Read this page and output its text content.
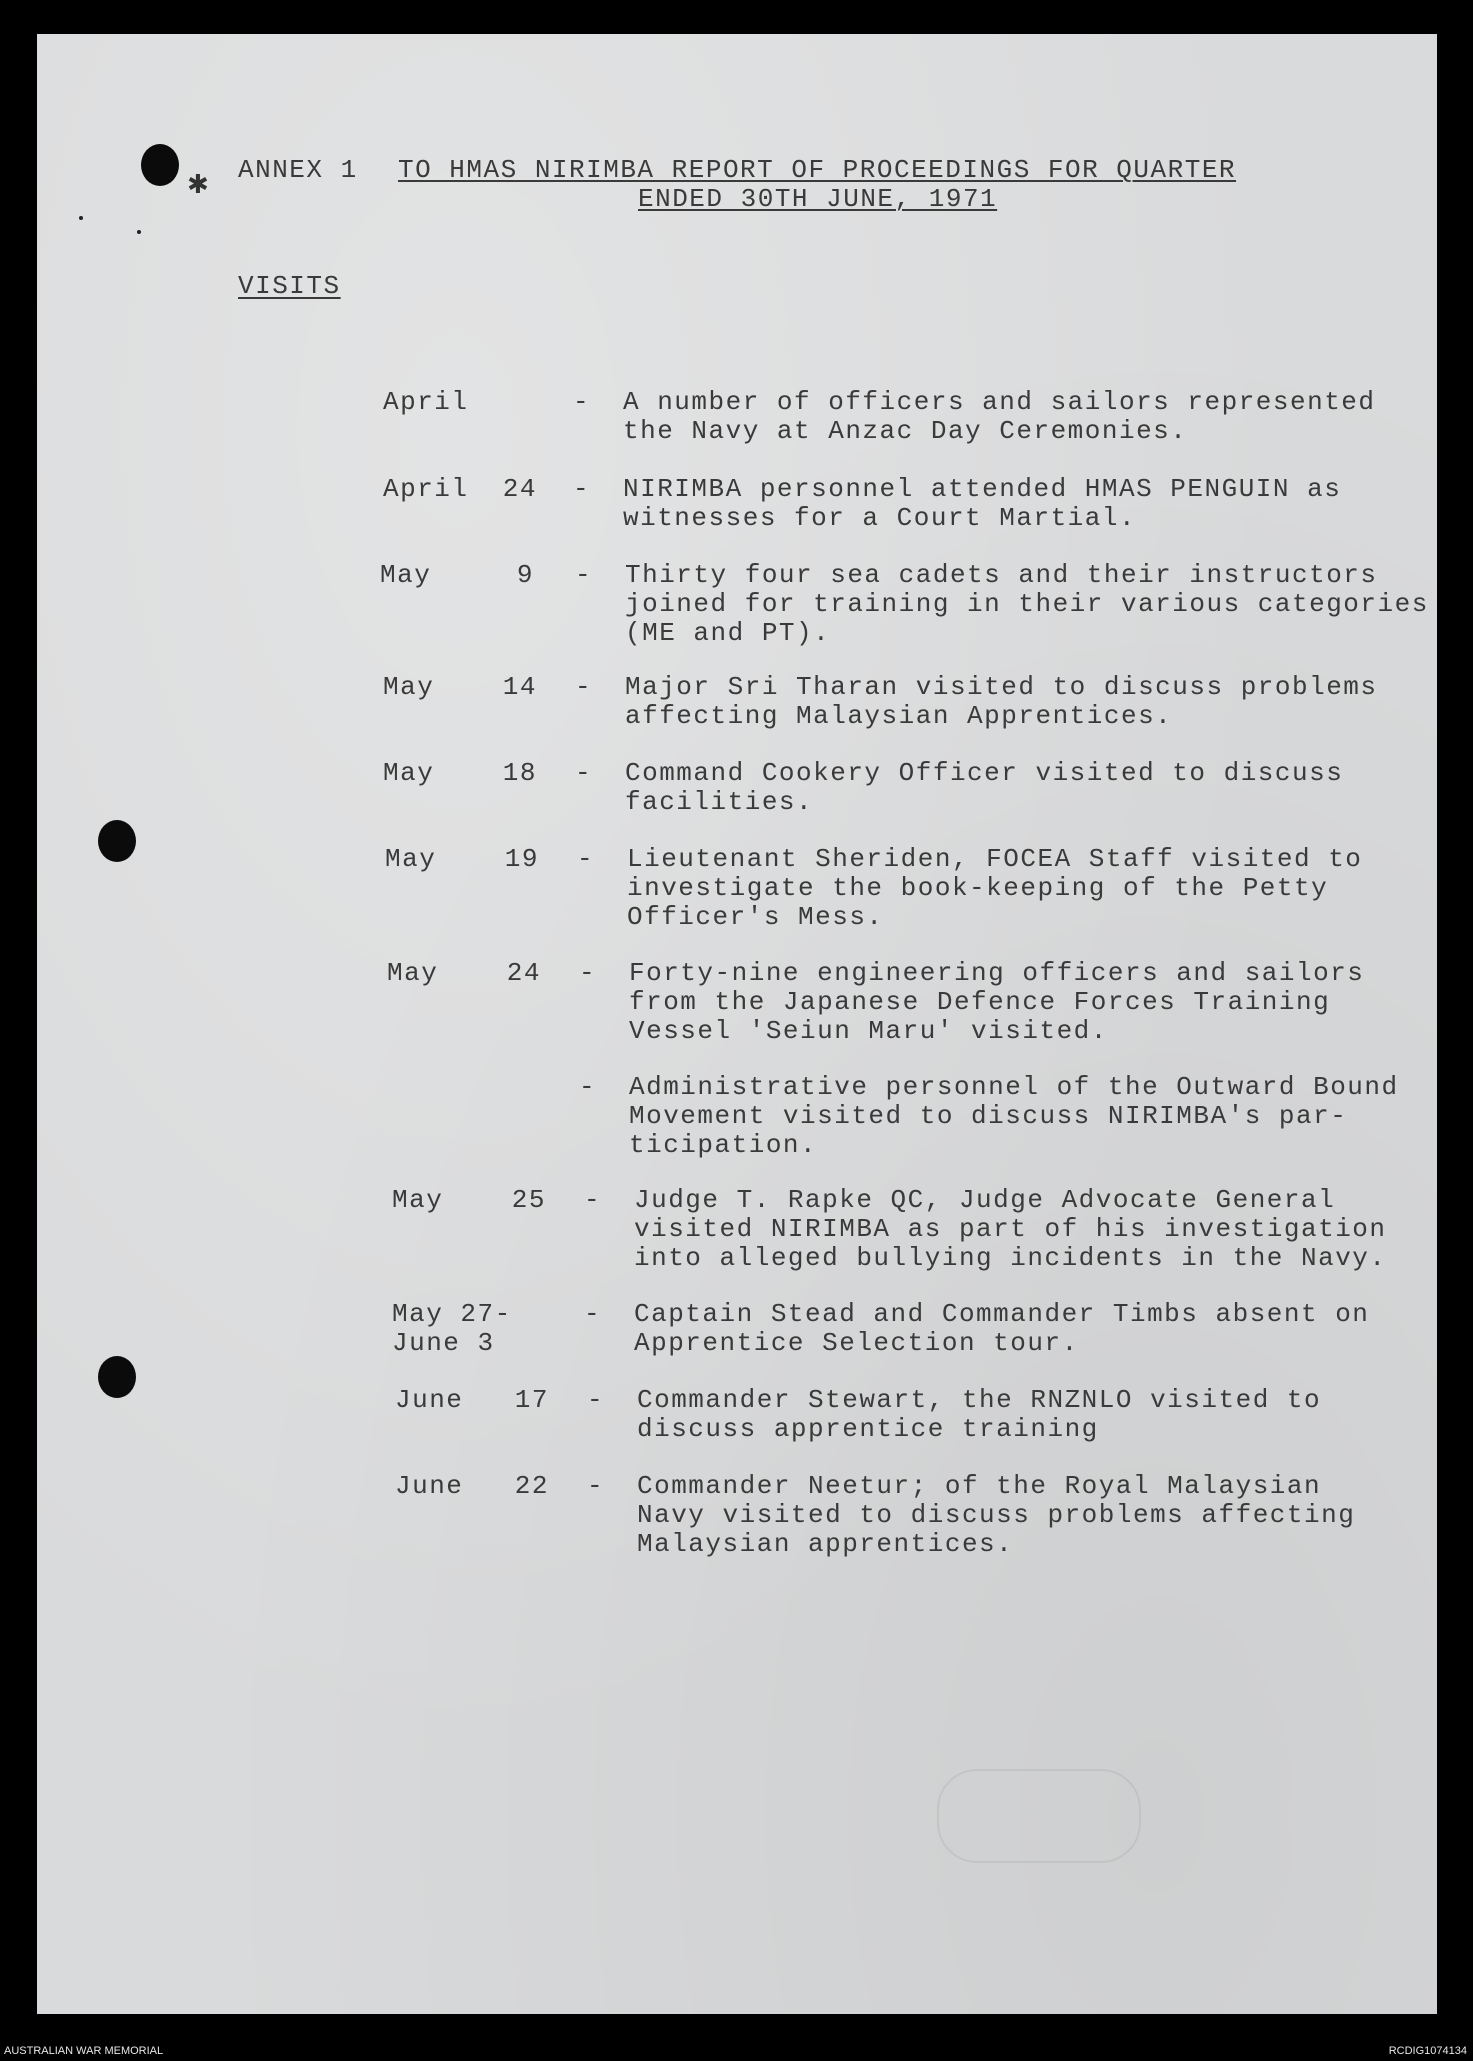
✱

ANNEX 1

TO HMAS NIRIMBA REPORT OF PROCEEDINGS FOR QUARTER

ENDED 30TH JUNE, 1971

VISITS
April	- A number of officers and sailors represented
the Navy at Anzac Day Ceremonies.
April  24 - NIRIMBA personnel attended HMAS PENGUIN as
witnesses for a Court Martial.
May     9 - Thirty four sea cadets and their instructors
joined for training in their various categories
(ME and PT).
May    14 - Major Sri Tharan visited to discuss problems
affecting Malaysian Apprentices.
May    18 - Command Cookery Officer visited to discuss
facilities.
May    19 - Lieutenant Sheriden, FOCEA Staff visited to
investigate the book-keeping of the Petty
Officer's Mess.
May    24 - Forty-nine engineering officers and sailors
from the Japanese Defence Forces Training
Vessel 'Seiun Maru' visited.
- Administrative personnel of the Outward Bound
Movement visited to discuss NIRIMBA's par-
ticipation.
May    25 - Judge T. Rapke QC, Judge Advocate General
visited NIRIMBA as part of his investigation
into alleged bullying incidents in the Navy.
May 27-
June 3
- Captain Stead and Commander Timbs absent on
Apprentice Selection tour.
June   17 - Commander Stewart, the RNZNLO visited to
discuss apprentice training
June   22 - Commander Neetur; of the Royal Malaysian
Navy visited to discuss problems affecting
Malaysian apprentices.
AUSTRALIAN WAR MEMORIAL	RCDIG1074134
